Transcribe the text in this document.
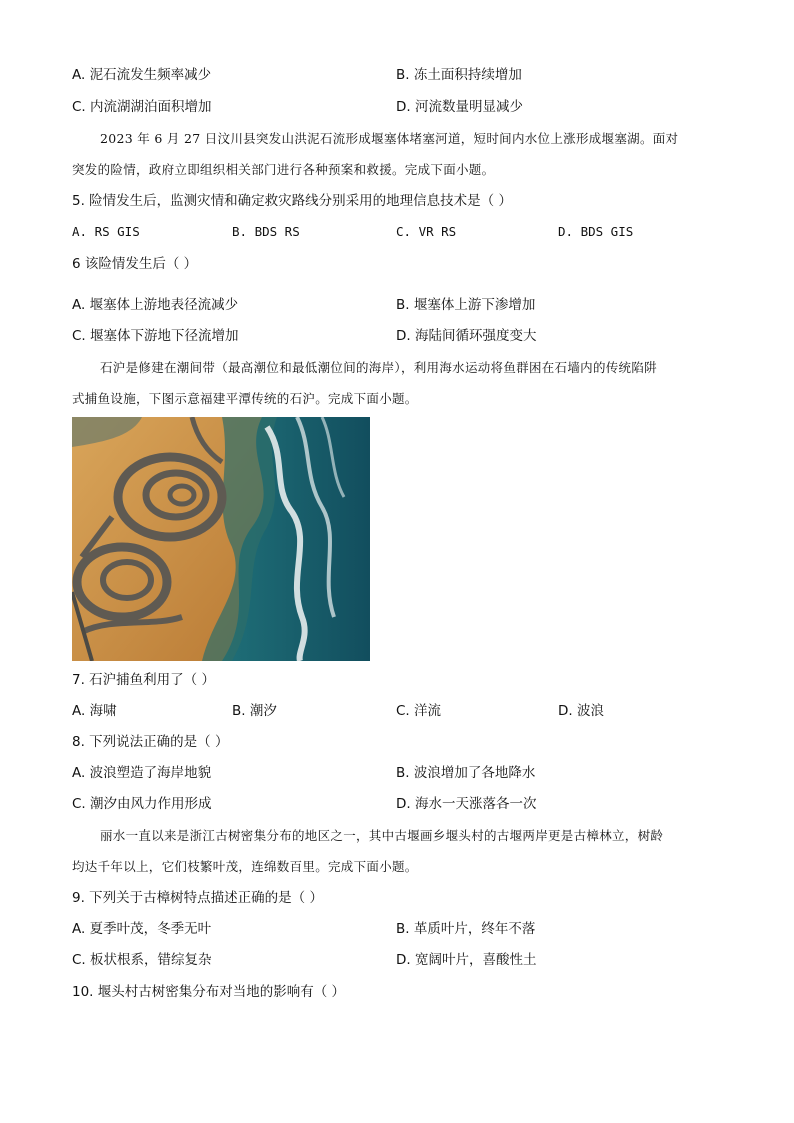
A. 泥石流发生频率减少	B. 冻土面积持续增加
C. 内流湖湖泊面积增加	D. 河流数量明显减少
2023 年 6 月 27 日汶川县突发山洪泥石流形成堰塞体堵塞河道，短时间内水位上涨形成堰塞湖。面对
突发的险情，政府立即组织相关部门进行各种预案和救援。完成下面小题。
5. 险情发生后，监测灾情和确定救灾路线分别采用的地理信息技术是（ ）
A. RS GIS	B. BDS RS	C. VR RS	D. BDS GIS
6 该险情发生后（ ）
A. 堰塞体上游地表径流减少	B. 堰塞体上游下渗增加
C. 堰塞体下游地下径流增加	D. 海陆间循环强度变大
石沪是修建在潮间带（最高潮位和最低潮位间的海岸），利用海水运动将鱼群困在石墙内的传统陷阱
式捕鱼设施，下图示意福建平潭传统的石沪。完成下面小题。
7. 石沪捕鱼利用了（ ）
A. 海啸	B. 潮汐	C. 洋流	D. 波浪
8. 下列说法正确的是（ ）
A. 波浪塑造了海岸地貌	B. 波浪增加了各地降水
C. 潮汐由风力作用形成	D. 海水一天涨落各一次
丽水一直以来是浙江古树密集分布的地区之一，其中古堰画乡堰头村的古堰两岸更是古樟林立，树龄
均达千年以上，它们枝繁叶茂，连绵数百里。完成下面小题。
9. 下列关于古樟树特点描述正确的是（ ）
A. 夏季叶茂，冬季无叶	B. 革质叶片，终年不落
C. 板状根系，错综复杂	D. 宽阔叶片，喜酸性土
10. 堰头村古树密集分布对当地的影响有（ ）
